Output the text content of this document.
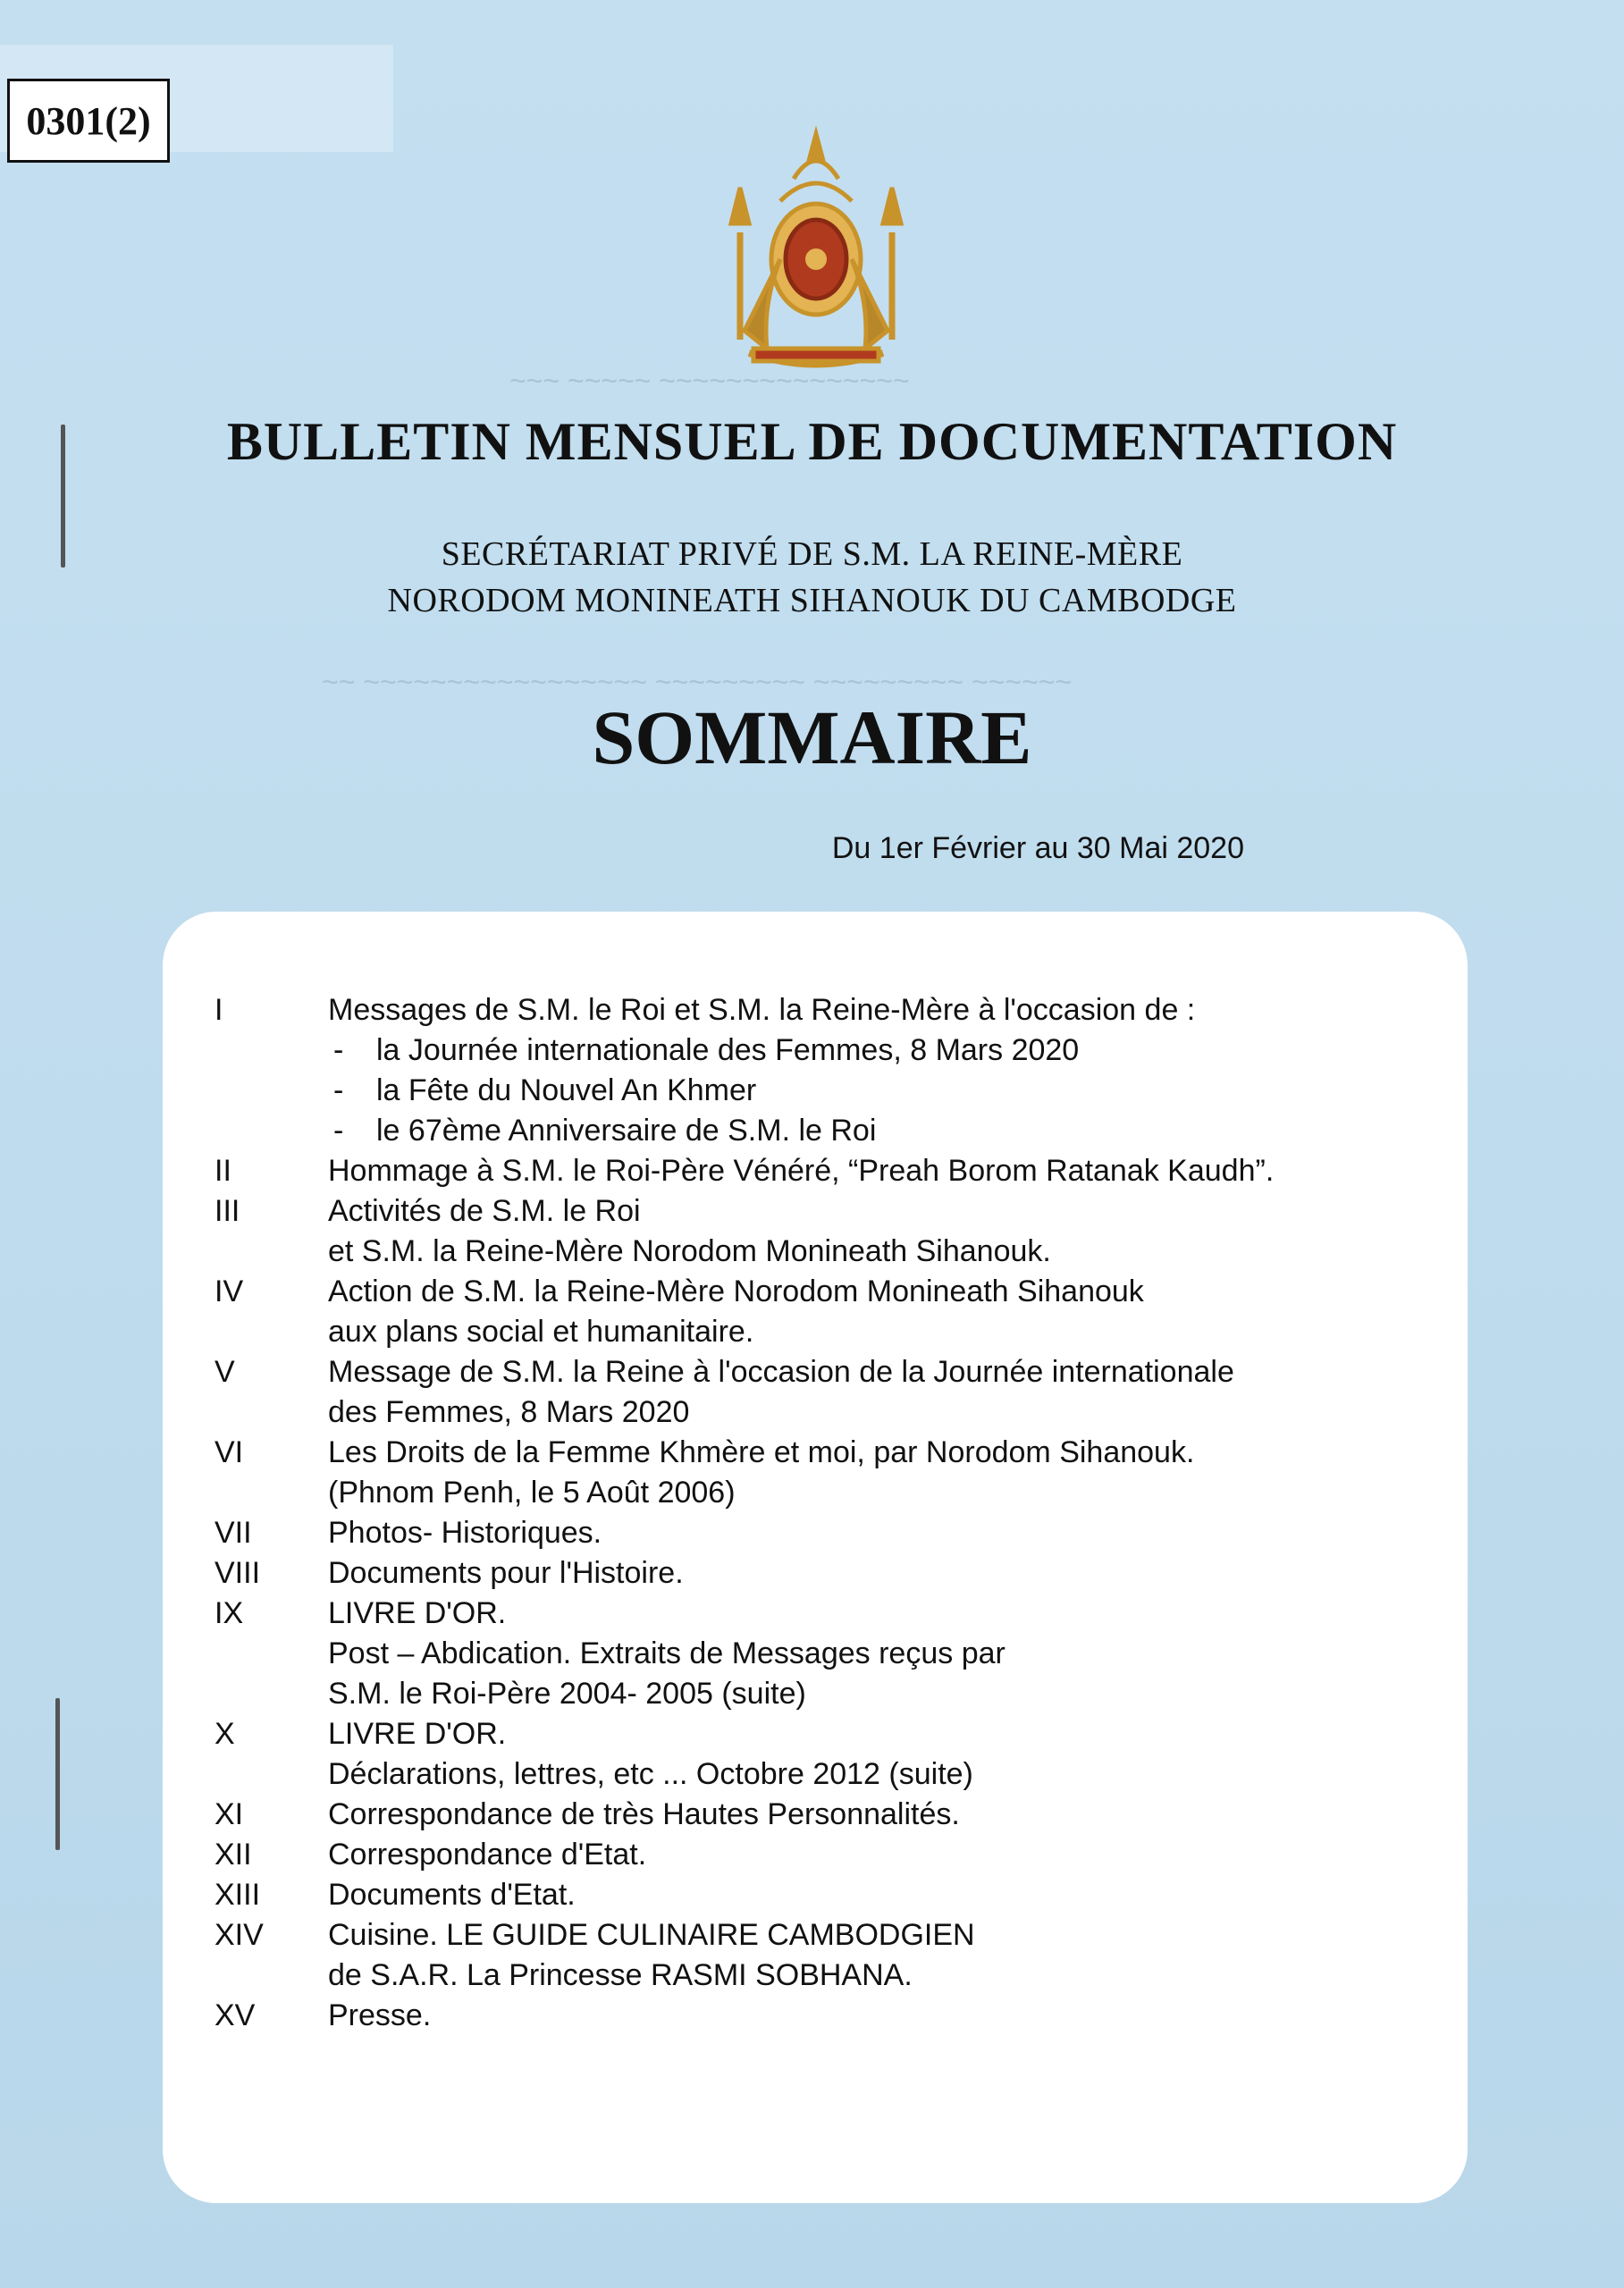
0301(2)
~~~ ~~~~~ ~~~~~~~~~~~~~~~
~~ ~~~~~~~~~~~~~~~~~ ~~~~~~~~~ ~~~~~~~~~ ~~~~~~
BULLETIN MENSUEL DE DOCUMENTATION
SECRÉTARIAT PRIVÉ DE S.M. LA REINE-MÈRE
NORODOM MONINEATH SIHANOUK DU CAMBODGE
SOMMAIRE
Du 1er Février au 30 Mai 2020
I	Messages de S.M. le Roi et S.M. la Reine-Mère à l'occasion de :
-	la Journée internationale des Femmes, 8 Mars 2020
-	la Fête du Nouvel An Khmer
-	le 67ème Anniversaire de S.M. le Roi
II	Hommage à S.M. le Roi-Père Vénéré, “Preah Borom Ratanak Kaudh”.
III	Activités de S.M. le Roi
et S.M. la Reine-Mère Norodom Monineath Sihanouk.
IV	Action de S.M. la Reine-Mère Norodom Monineath Sihanouk
aux plans social et humanitaire.
V	Message de S.M. la Reine à l'occasion de la Journée internationale
des Femmes, 8 Mars 2020
VI	Les Droits de la Femme Khmère et moi, par Norodom Sihanouk.
(Phnom Penh, le 5 Août 2006)
VII	Photos- Historiques.
VIII	Documents pour l'Histoire.
IX	LIVRE D'OR.
Post – Abdication. Extraits de Messages reçus par
S.M. le Roi-Père 2004- 2005 (suite)
X	LIVRE D'OR.
Déclarations, lettres, etc ... Octobre 2012 (suite)
XI	Correspondance de très Hautes Personnalités.
XII	Correspondance d'Etat.
XIII	Documents d'Etat.
XIV	Cuisine. LE GUIDE CULINAIRE CAMBODGIEN
de S.A.R. La Princesse RASMI SOBHANA.
XV	Presse.
